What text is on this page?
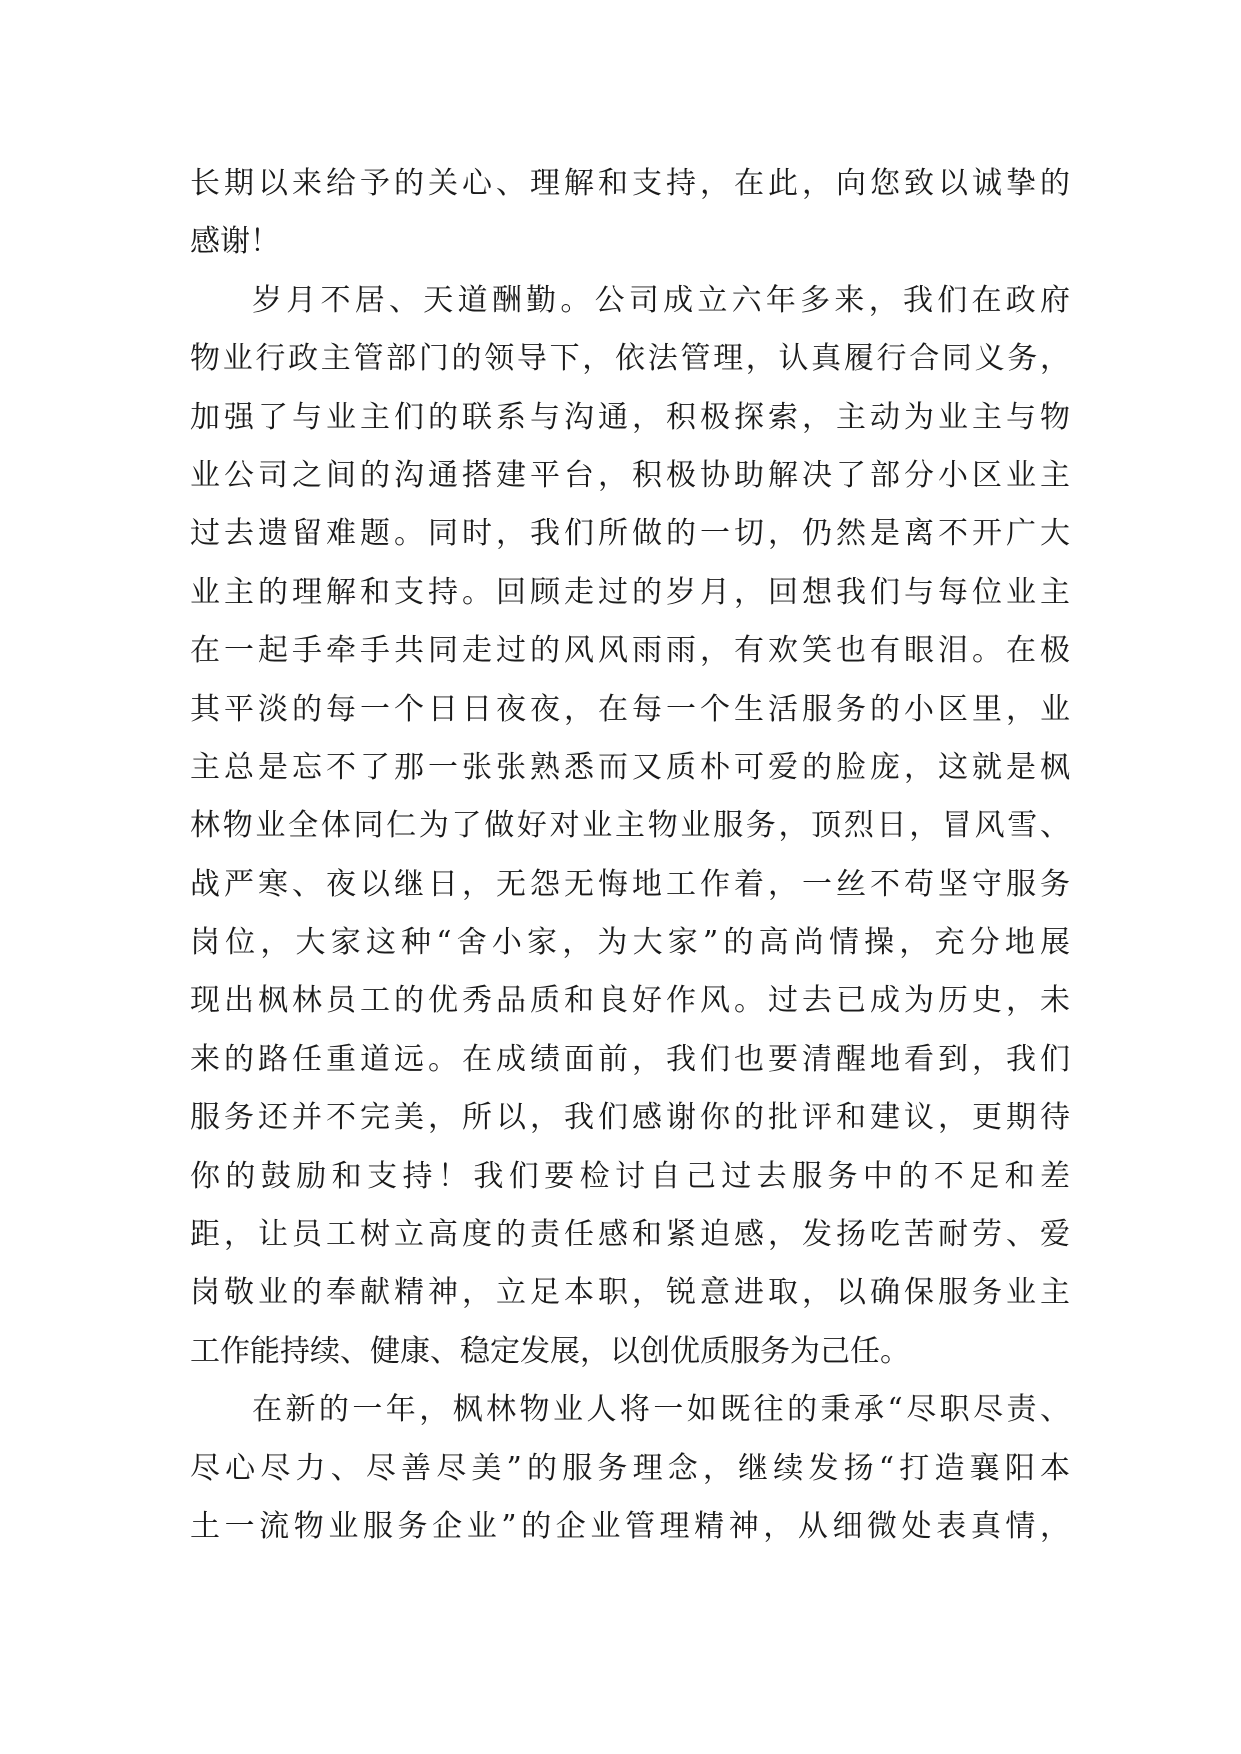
长期以来给予的关心、理解和支持，在此，向您致以诚挚的
感谢！
岁月不居、天道酬勤。公司成立六年多来，我们在政府
物业行政主管部门的领导下，依法管理，认真履行合同义务，
加强了与业主们的联系与沟通，积极探索，主动为业主与物
业公司之间的沟通搭建平台，积极协助解决了部分小区业主
过去遗留难题。同时，我们所做的一切，仍然是离不开广大
业主的理解和支持。回顾走过的岁月，回想我们与每位业主
在一起手牵手共同走过的风风雨雨，有欢笑也有眼泪。在极
其平淡的每一个日日夜夜，在每一个生活服务的小区里，业
主总是忘不了那一张张熟悉而又质朴可爱的脸庞，这就是枫
林物业全体同仁为了做好对业主物业服务，顶烈日，冒风雪、
战严寒、夜以继日，无怨无悔地工作着，一丝不苟坚守服务
岗位，大家这种“舍小家，为大家”的高尚情操，充分地展
现出枫林员工的优秀品质和良好作风。过去已成为历史，未
来的路任重道远。在成绩面前，我们也要清醒地看到，我们
服务还并不完美，所以，我们感谢你的批评和建议，更期待
你的鼓励和支持！我们要检讨自己过去服务中的不足和差
距，让员工树立高度的责任感和紧迫感，发扬吃苦耐劳、爱
岗敬业的奉献精神，立足本职，锐意进取，以确保服务业主
工作能持续、健康、稳定发展，以创优质服务为己任。
在新的一年，枫林物业人将一如既往的秉承“尽职尽责、
尽心尽力、尽善尽美”的服务理念，继续发扬“打造襄阳本
土一流物业服务企业”的企业管理精神，从细微处表真情，
